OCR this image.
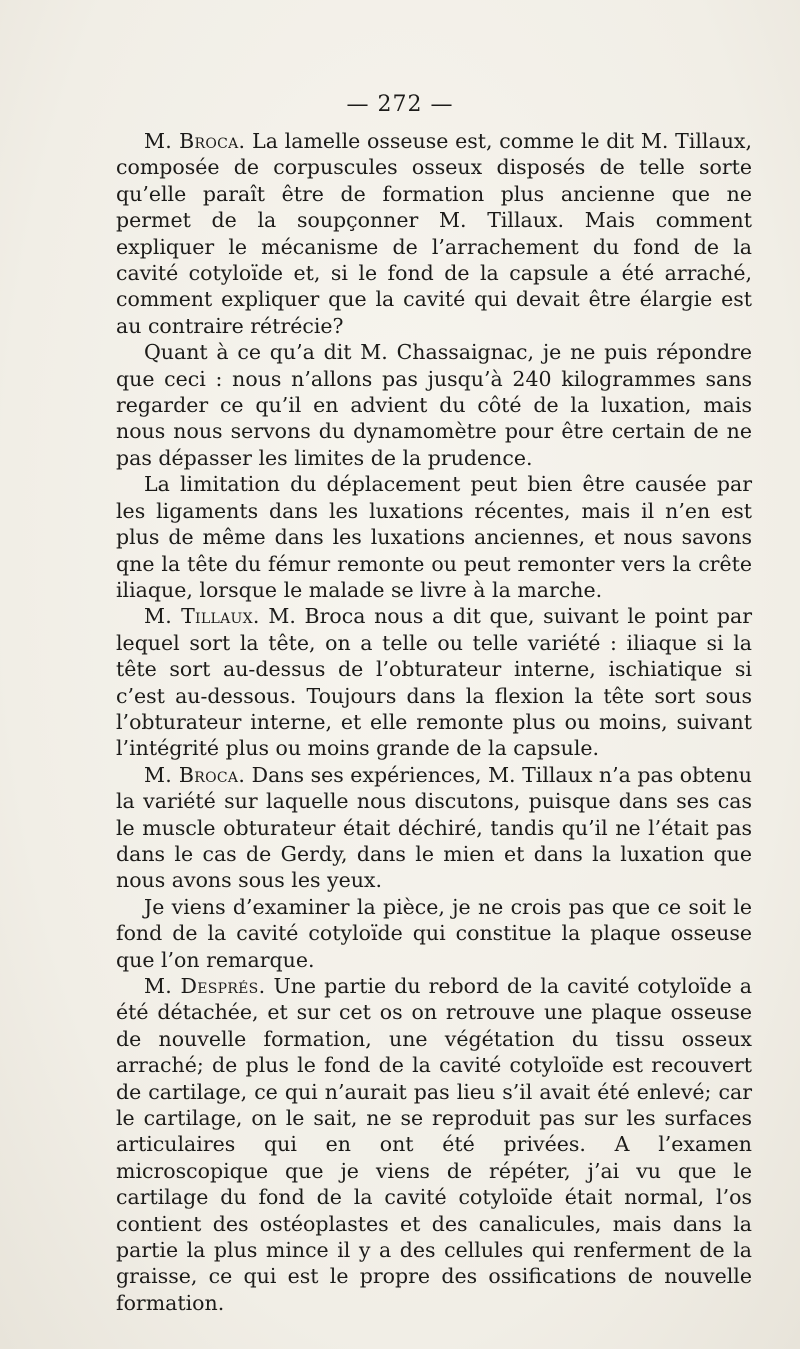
— 272 —

M. Broca. La lamelle osseuse est, comme le dit M. Tillaux, composée de corpuscules osseux disposés de telle sorte qu’elle paraît être de formation plus ancienne que ne permet de la soupçonner M. Tillaux. Mais comment expliquer le mécanisme de l’arrachement du fond de la cavité cotyloïde et, si le fond de la capsule a été arraché, comment expliquer que la cavité qui devait être élargie est au contraire rétrécie?

Quant à ce qu’a dit M. Chassaignac, je ne puis répondre que ceci : nous n’allons pas jusqu’à 240 kilogrammes sans regarder ce qu’il en advient du côté de la luxation, mais nous nous servons du dynamomètre pour être certain de ne pas dépasser les limites de la prudence.

La limitation du déplacement peut bien être causée par les ligaments dans les luxations récentes, mais il n’en est plus de même dans les luxations anciennes, et nous savons qne la tête du fémur remonte ou peut remonter vers la crête iliaque, lorsque le malade se livre à la marche.

M. Tillaux. M. Broca nous a dit que, suivant le point par lequel sort la tête, on a telle ou telle variété : iliaque si la tête sort au-dessus de l’obturateur interne, ischiatique si c’est au-dessous. Toujours dans la flexion la tête sort sous l’obturateur interne, et elle remonte plus ou moins, suivant l’intégrité plus ou moins grande de la capsule.

M. Broca. Dans ses expériences, M. Tillaux n’a pas obtenu la variété sur laquelle nous discutons, puisque dans ses cas le muscle obturateur était déchiré, tandis qu’il ne l’était pas dans le cas de Gerdy, dans le mien et dans la luxation que nous avons sous les yeux.

Je viens d’examiner la pièce, je ne crois pas que ce soit le fond de la cavité cotyloïde qui constitue la plaque osseuse que l’on remarque.

M. Després. Une partie du rebord de la cavité cotyloïde a été détachée, et sur cet os on retrouve une plaque osseuse de nouvelle formation, une végétation du tissu osseux arraché; de plus le fond de la cavité cotyloïde est recouvert de cartilage, ce qui n’aurait pas lieu s’il avait été enlevé; car le cartilage, on le sait, ne se reproduit pas sur les surfaces articulaires qui en ont été privées. A l’examen microscopique que je viens de répéter, j’ai vu que le cartilage du fond de la cavité cotyloïde était normal, l’os contient des ostéoplastes et des canalicules, mais dans la partie la plus mince il y a des cellules qui renferment de la graisse, ce qui est le propre des ossifications de nouvelle formation.
